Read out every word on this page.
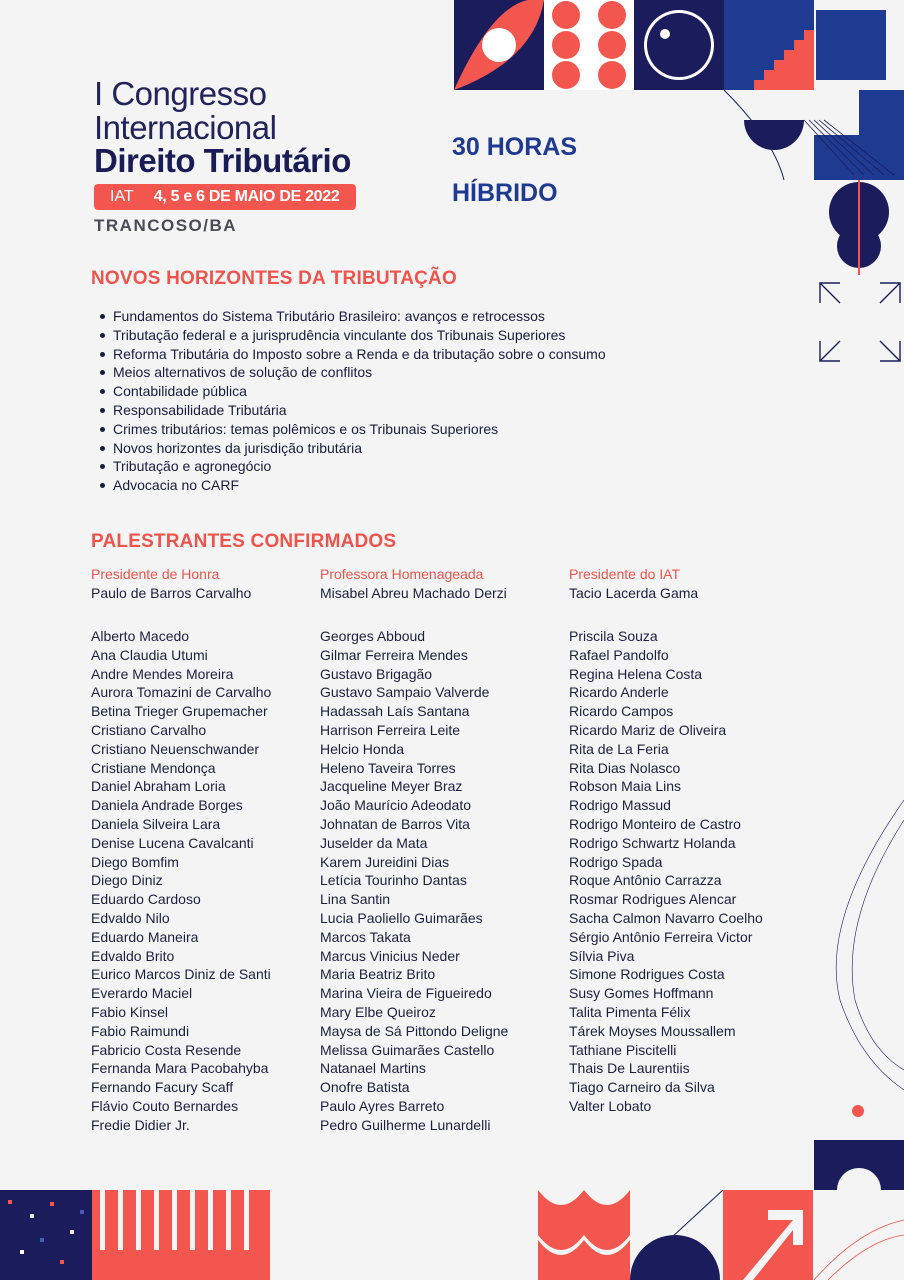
I Congresso
Internacional
Direito Tributário
IAT 4, 5 e 6 DE MAIO DE 2022
TRANCOSO/BA
30 HORAS
HÍBRIDO
NOVOS HORIZONTES DA TRIBUTAÇÃO
Fundamentos do Sistema Tributário Brasileiro: avanços e retrocessos
Tributação federal e a jurisprudência vinculante dos Tribunais Superiores
Reforma Tributária do Imposto sobre a Renda e da tributação sobre o consumo
Meios alternativos de solução de conflitos
Contabilidade pública
Responsabilidade Tributária
Crimes tributários: temas polêmicos e os Tribunais Superiores
Novos horizontes da jurisdição tributária
Tributação e agronegócio
Advocacia no CARF
PALESTRANTES CONFIRMADOS
Presidente de Honra
Paulo de Barros Carvalho
Alberto Macedo
Ana Claudia Utumi
Andre Mendes Moreira
Aurora Tomazini de Carvalho
Betina Trieger Grupemacher
Cristiano Carvalho
Cristiano Neuenschwander
Cristiane Mendonça
Daniel Abraham Loria
Daniela Andrade Borges
Daniela Silveira Lara
Denise Lucena Cavalcanti
Diego Bomfim
Diego Diniz
Eduardo Cardoso
Edvaldo Nilo
Eduardo Maneira
Edvaldo Brito
Eurico Marcos Diniz de Santi
Everardo Maciel
Fabio Kinsel
Fabio Raimundi
Fabricio Costa Resende
Fernanda Mara Pacobahyba
Fernando Facury Scaff
Flávio Couto Bernardes
Fredie Didier Jr.
Professora Homenageada
Misabel Abreu Machado Derzi
Georges Abboud
Gilmar Ferreira Mendes
Gustavo Brigagão
Gustavo Sampaio Valverde
Hadassah Laís Santana
Harrison Ferreira Leite
Helcio Honda
Heleno Taveira Torres
Jacqueline Meyer Braz
João Maurício Adeodato
Johnatan de Barros Vita
Juselder da Mata
Karem Jureidini Dias
Letícia Tourinho Dantas
Lina Santin
Lucia Paoliello Guimarães
Marcos Takata
Marcus Vinicius Neder
Maria Beatriz Brito
Marina Vieira de Figueiredo
Mary Elbe Queiroz
Maysa de Sá Pittondo Deligne
Melissa Guimarães Castello
Natanael Martins
Onofre Batista
Paulo Ayres Barreto
Pedro Guilherme Lunardelli
Presidente do IAT
Tacio Lacerda Gama
Priscila Souza
Rafael Pandolfo
Regina Helena Costa
Ricardo Anderle
Ricardo Campos
Ricardo Mariz de Oliveira
Rita de La Feria
Rita Dias Nolasco
Robson Maia Lins
Rodrigo Massud
Rodrigo Monteiro de Castro
Rodrigo Schwartz Holanda
Rodrigo Spada
Roque Antônio Carrazza
Rosmar Rodrigues Alencar
Sacha Calmon Navarro Coelho
Sérgio Antônio Ferreira Victor
Sílvia Piva
Simone Rodrigues Costa
Susy Gomes Hoffmann
Talita Pimenta Félix
Tárek Moyses Moussallem
Tathiane Piscitelli
Thais De Laurentiis
Tiago Carneiro da Silva
Valter Lobato
